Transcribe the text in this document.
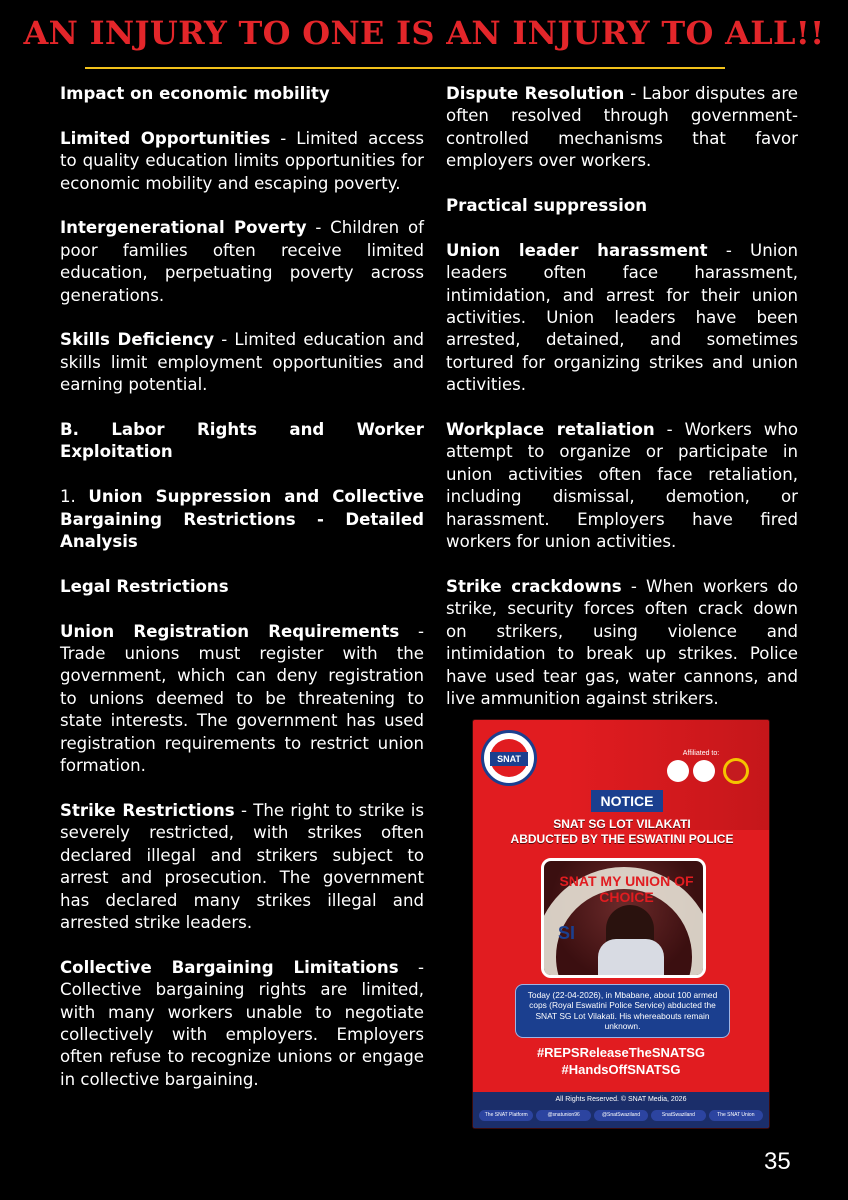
AN INJURY TO ONE IS AN INJURY TO ALL!!

Impact on economic mobility

Limited Opportunities - Limited access to quality education limits opportunities for economic mobility and escaping poverty.

Intergenerational Poverty - Children of poor families often receive limited education, perpetuating poverty across generations.

Skills Deficiency - Limited education and skills limit employment opportunities and earning potential.

B. Labor Rights and Worker Exploitation

1. Union Suppression and Collective Bargaining Restrictions - Detailed Analysis

Legal Restrictions

Union Registration Requirements - Trade unions must register with the government, which can deny registration to unions deemed to be threatening to state interests. The government has used registration requirements to restrict union formation.

Strike Restrictions - The right to strike is severely restricted, with strikes often declared illegal and strikers subject to arrest and prosecution. The government has declared many strikes illegal and arrested strike leaders.

Collective Bargaining Limitations - Collective bargaining rights are limited, with many workers unable to negotiate collectively with employers. Employers often refuse to recognize unions or engage in collective bargaining.

Dispute Resolution - Labor disputes are often resolved through government-controlled mechanisms that favor employers over workers.

Practical suppression

Union leader harassment - Union leaders often face harassment, intimidation, and arrest for their union activities. Union leaders have been arrested, detained, and sometimes tortured for organizing strikes and union activities.

Workplace retaliation - Workers who attempt to organize or participate in union activities often face retaliation, including dismissal, demotion, or harassment. Employers have fired workers for union activities.

Strike crackdowns - When workers do strike, security forces often crack down on strikers, using violence and intimidation to break up strikes. Police have used tear gas, water cannons, and live ammunition against strikers.

SNAT
Affiliated to:
NOTICE
SNAT SG LOT VILAKATI
ABDUCTED BY THE ESWATINI POLICE
SNAT MY UNION OF CHOICE
SI
Today (22-04-2026), in Mbabane, about 100 armed cops (Royal Eswatini Police Service) abducted the SNAT SG Lot Vilakati. His whereabouts remain unknown.
#REPSReleaseTheSNATSG
#HandsOffSNATSG
All Rights Reserved. © SNAT Media, 2026
The SNAT Platform	@snatunion96	@SnatSwaziland	SnatSwaziland	The SNAT Union
35
